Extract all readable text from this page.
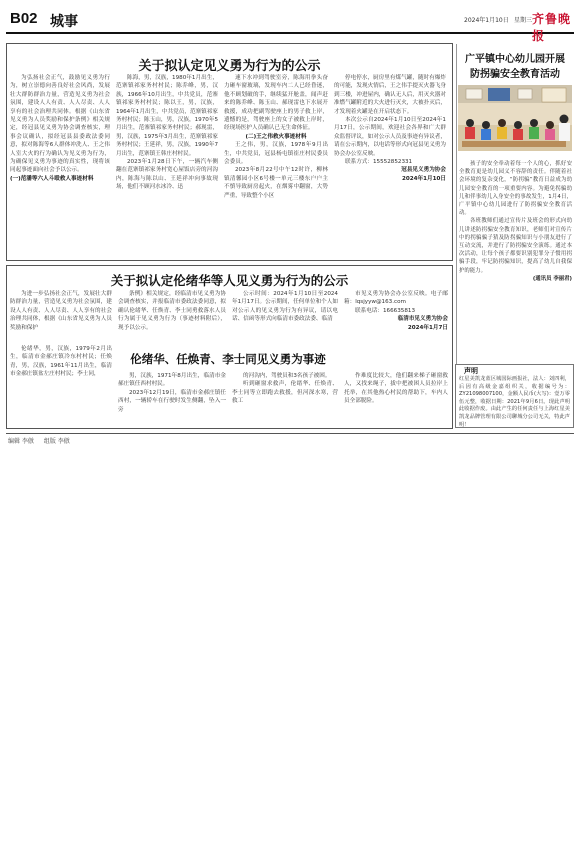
B02 城事	2024年1月10日 星期三 齐鲁晚报
关于拟认定见义勇为行为的公示

为弘扬社会正气，鼓励见义勇为行为，树立崇德向善良好社会风尚，发展壮大群防群治力量，营造见义勇为社会氛围，建设人人有责、人人尽责、人人享有的社会治理共同体。根据《山东省见义勇为人员奖励和保护条例》相关规定，经冠县见义勇为协会调查核实，理事会议确认，拟经冠县县委政法委同意，拟对陈海等6人群体冲洗人、王之伟人室大火的行为确认为见义勇为行为，为确保见义勇为事迹的真实性，现将该同起事迹面向社会予以公示。

(一)范潘等六人斗殴救人事迹材料

陈海，男，汉族，1980年1月出生，范寨镇祁家务村村民；陈乔峰，男，汉族，1966年10月出生，中共党员，范寨镇祁家务村村民；陈以王，男，汉族，1964年1月出生，中共党员，范寨镇祁家务村村民；陈玉山，男，汉族，1970年5月出生，范寨镇祁家务村村民；郝现雷，男，汉族，1975年3月出生，范寨镇祁家务村村民；王延祥，男，汉族，1990年7月出生，范寨镇王韩庄村村民。

2023年1月28日下午，一辆汽车侧翻在范寨镇祁家务村宽心屋饭店旁的河沟内，陈海与陈以山、王延祥冲向事故现场，他们不顾河水冰冷、迅

速下水冲到驾驶室旁，陈海用拳头奋力砸车窗玻璃，发现车内二人已经昏迷，他不顾划破的手，继续猛开舱盖，闻声赶来的陈乔峰、陈玉山、郝现雷也下水展开救援，成功把副驾驶座上的男子救上岸，遗憾的是，驾驶座上的女子被救上岸时，经现场医护人员确认已无生命体征。

(二)王之伟救火事迹材料

王之伟，男，汉族，1978年9月出生，中共党员，冠县杨屯镇崔庄村民委员会委员。

2023年8月22号中午12时许，柳林镇清馨园小区6号楼一单元三楼东户户主不慎导致厨房起火，在烟雾中翻窗，大势严重，导致整个小区

停电停水，厨房里有煤气罐，随时有爆炸的可能，发现火情后，王之伟手提灭火器飞身到三楼，冲进屋内，确认无人后，用灭火器对准燃气罐附近的大火进行灭火，大被扑灭后，才发现着火罐是在开启状态下。

本次公示自2024年1月10日至2024年1月17日，公示期间，欢迎社会各界和广大群众监督评议，如对公示人员及事迹有异议者，请在公示期内，以电话等形式向冠县见义勇为协会办公室反映。

联系方式：15552852331

冠县见义勇为协会

2024年1月10日

关于拟认定伦绪华等人见义勇为行为的公示

为进一步弘扬社会正气，发展壮大群防群治力量，营造见义勇为社会氛围，建设人人有责、人人尽责、人人享有的社会治理共同体，根据《山东省见义勇为人员奖励和保护

条例》相关规定，经临清市见义勇为协会调查核实，并报临清市委政法委同意，拟确认伦绪华、任焕青、李士同勇救落水人员行为属于见义勇为行为（事迹材料附后），现予以公示。

公示时间：2024年1月10日至2024年1月17日。公示期间，任何单位和个人如对公示人的见义勇为行为有异议，请以电话、信函等形式向临清市委政法委、临清

市见义勇为协会办公室反映。电子邮箱：lqsjyyw@163.com

联系电话：166635813

临清市见义勇为协会

2024年1月7日

伦绪华、任焕青、李士同见义勇为事迹

伦绪华，男，汉族，1979年2月出生，临清市金郝庄镇冷东村村民；任焕青，男，汉族，1961年11月出生，临清市金郝庄镇盆左庄村村民；李士同，	男，汉族，1971年8月出生，临清市金郝庄镇任西村村民。

2023年12月19日，临清市金郝庄镇任西村，一辆轿车在行驶时发生侧翻，坠入一旁

的河沟内，驾驶员和3名孩子被困。

听到砸窗求救声，伦绪华、任焕青、李士同等立即跑去救援，但河深水寒，营救工

作难度比较大，他们翻来梯子砸窗救人，又找来绳子，拔中把被困人员拉岸上托举，在其他热心村民的帮助下，车内人员全部脱险。

广平镇中心幼儿园开展
防拐骗安全教育活动

孩子的安全牵动着每一个人的心，抓好安全教育更是幼儿园义不容辞的责任。伴随着社会环境的复杂变化，“防拐骗”教育日益成为幼儿园安全教育的一项重要内容。为避免拐骗幼儿和伴事幼儿入身安全的事故发生，1月4日，广平镇中心幼儿园进行了防拐骗安全教育活动。

各班教师们通过宣传片及班会的形式向幼儿讲述防拐骗安全教育知识，老师们对宣传片中的拐骗骗子猜及防拐骗知识与小朋友进行了互动交流，并进行了防拐骗安全演练。通过本次活动，让每个孩子都要识别犯罪分子惯用拐骗手段，牢记防拐骗知识，提高了幼儿自我保护的能力。

(通讯员 李丽君)

声明
红星美凯龙蓝区城国际画报社，法人：刘四利，后因有高级金嘉组织关，收据编号为：ZY21098007100，金额人民币(大写)：壹万零伍元整，收据日期：2021年9月6日。现此声明此收据作废。由此产生的任何责任与上海红星美凯龙品牌管理有限公司聊城分公司无关，特此声明！
编辑 李倣 组版 李倣
